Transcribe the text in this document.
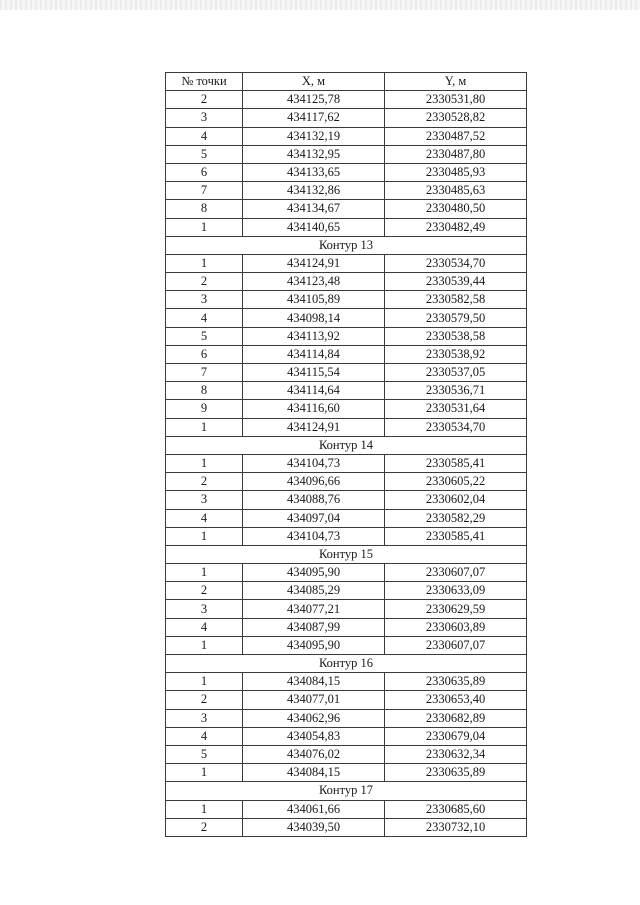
№ точки	X, м	Y, м
2	434125,78	2330531,80
3	434117,62	2330528,82
4	434132,19	2330487,52
5	434132,95	2330487,80
6	434133,65	2330485,93
7	434132,86	2330485,63
8	434134,67	2330480,50
1	434140,65	2330482,49
Контур 13		
1	434124,91	2330534,70
2	434123,48	2330539,44
3	434105,89	2330582,58
4	434098,14	2330579,50
5	434113,92	2330538,58
6	434114,84	2330538,92
7	434115,54	2330537,05
8	434114,64	2330536,71
9	434116,60	2330531,64
1	434124,91	2330534,70
Контур 14		
1	434104,73	2330585,41
2	434096,66	2330605,22
3	434088,76	2330602,04
4	434097,04	2330582,29
1	434104,73	2330585,41
Контур 15		
1	434095,90	2330607,07
2	434085,29	2330633,09
3	434077,21	2330629,59
4	434087,99	2330603,89
1	434095,90	2330607,07
Контур 16		
1	434084,15	2330635,89
2	434077,01	2330653,40
3	434062,96	2330682,89
4	434054,83	2330679,04
5	434076,02	2330632,34
1	434084,15	2330635,89
Контур 17		
1	434061,66	2330685,60
2	434039,50	2330732,10
